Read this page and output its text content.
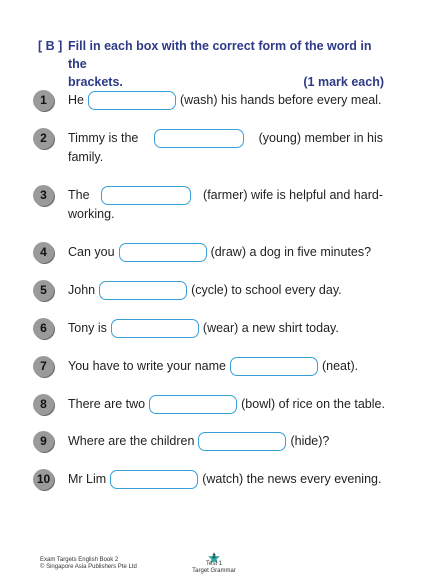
[ B ] Fill in each box with the correct form of the word in the
brackets.	(1 mark each)
1	He	(wash) his hands before every meal.
2	Timmy is the	(young) member in his
family.
3	The	(farmer) wife is helpful and hard-
working.
4	Can you	(draw) a dog in five minutes?
5	John	(cycle) to school every day.
6	Tony is	(wear) a new shirt today.
7	You have to write your name	(neat).
8	There are two	(bowl) of rice on the table.
9	Where are the children	(hide)?
10	Mr Lim	(watch) the news every evening.
Exam Targets English Book 2
© Singapore Asia Publishers Pte Ltd
2
Test 1
Target Grammar
